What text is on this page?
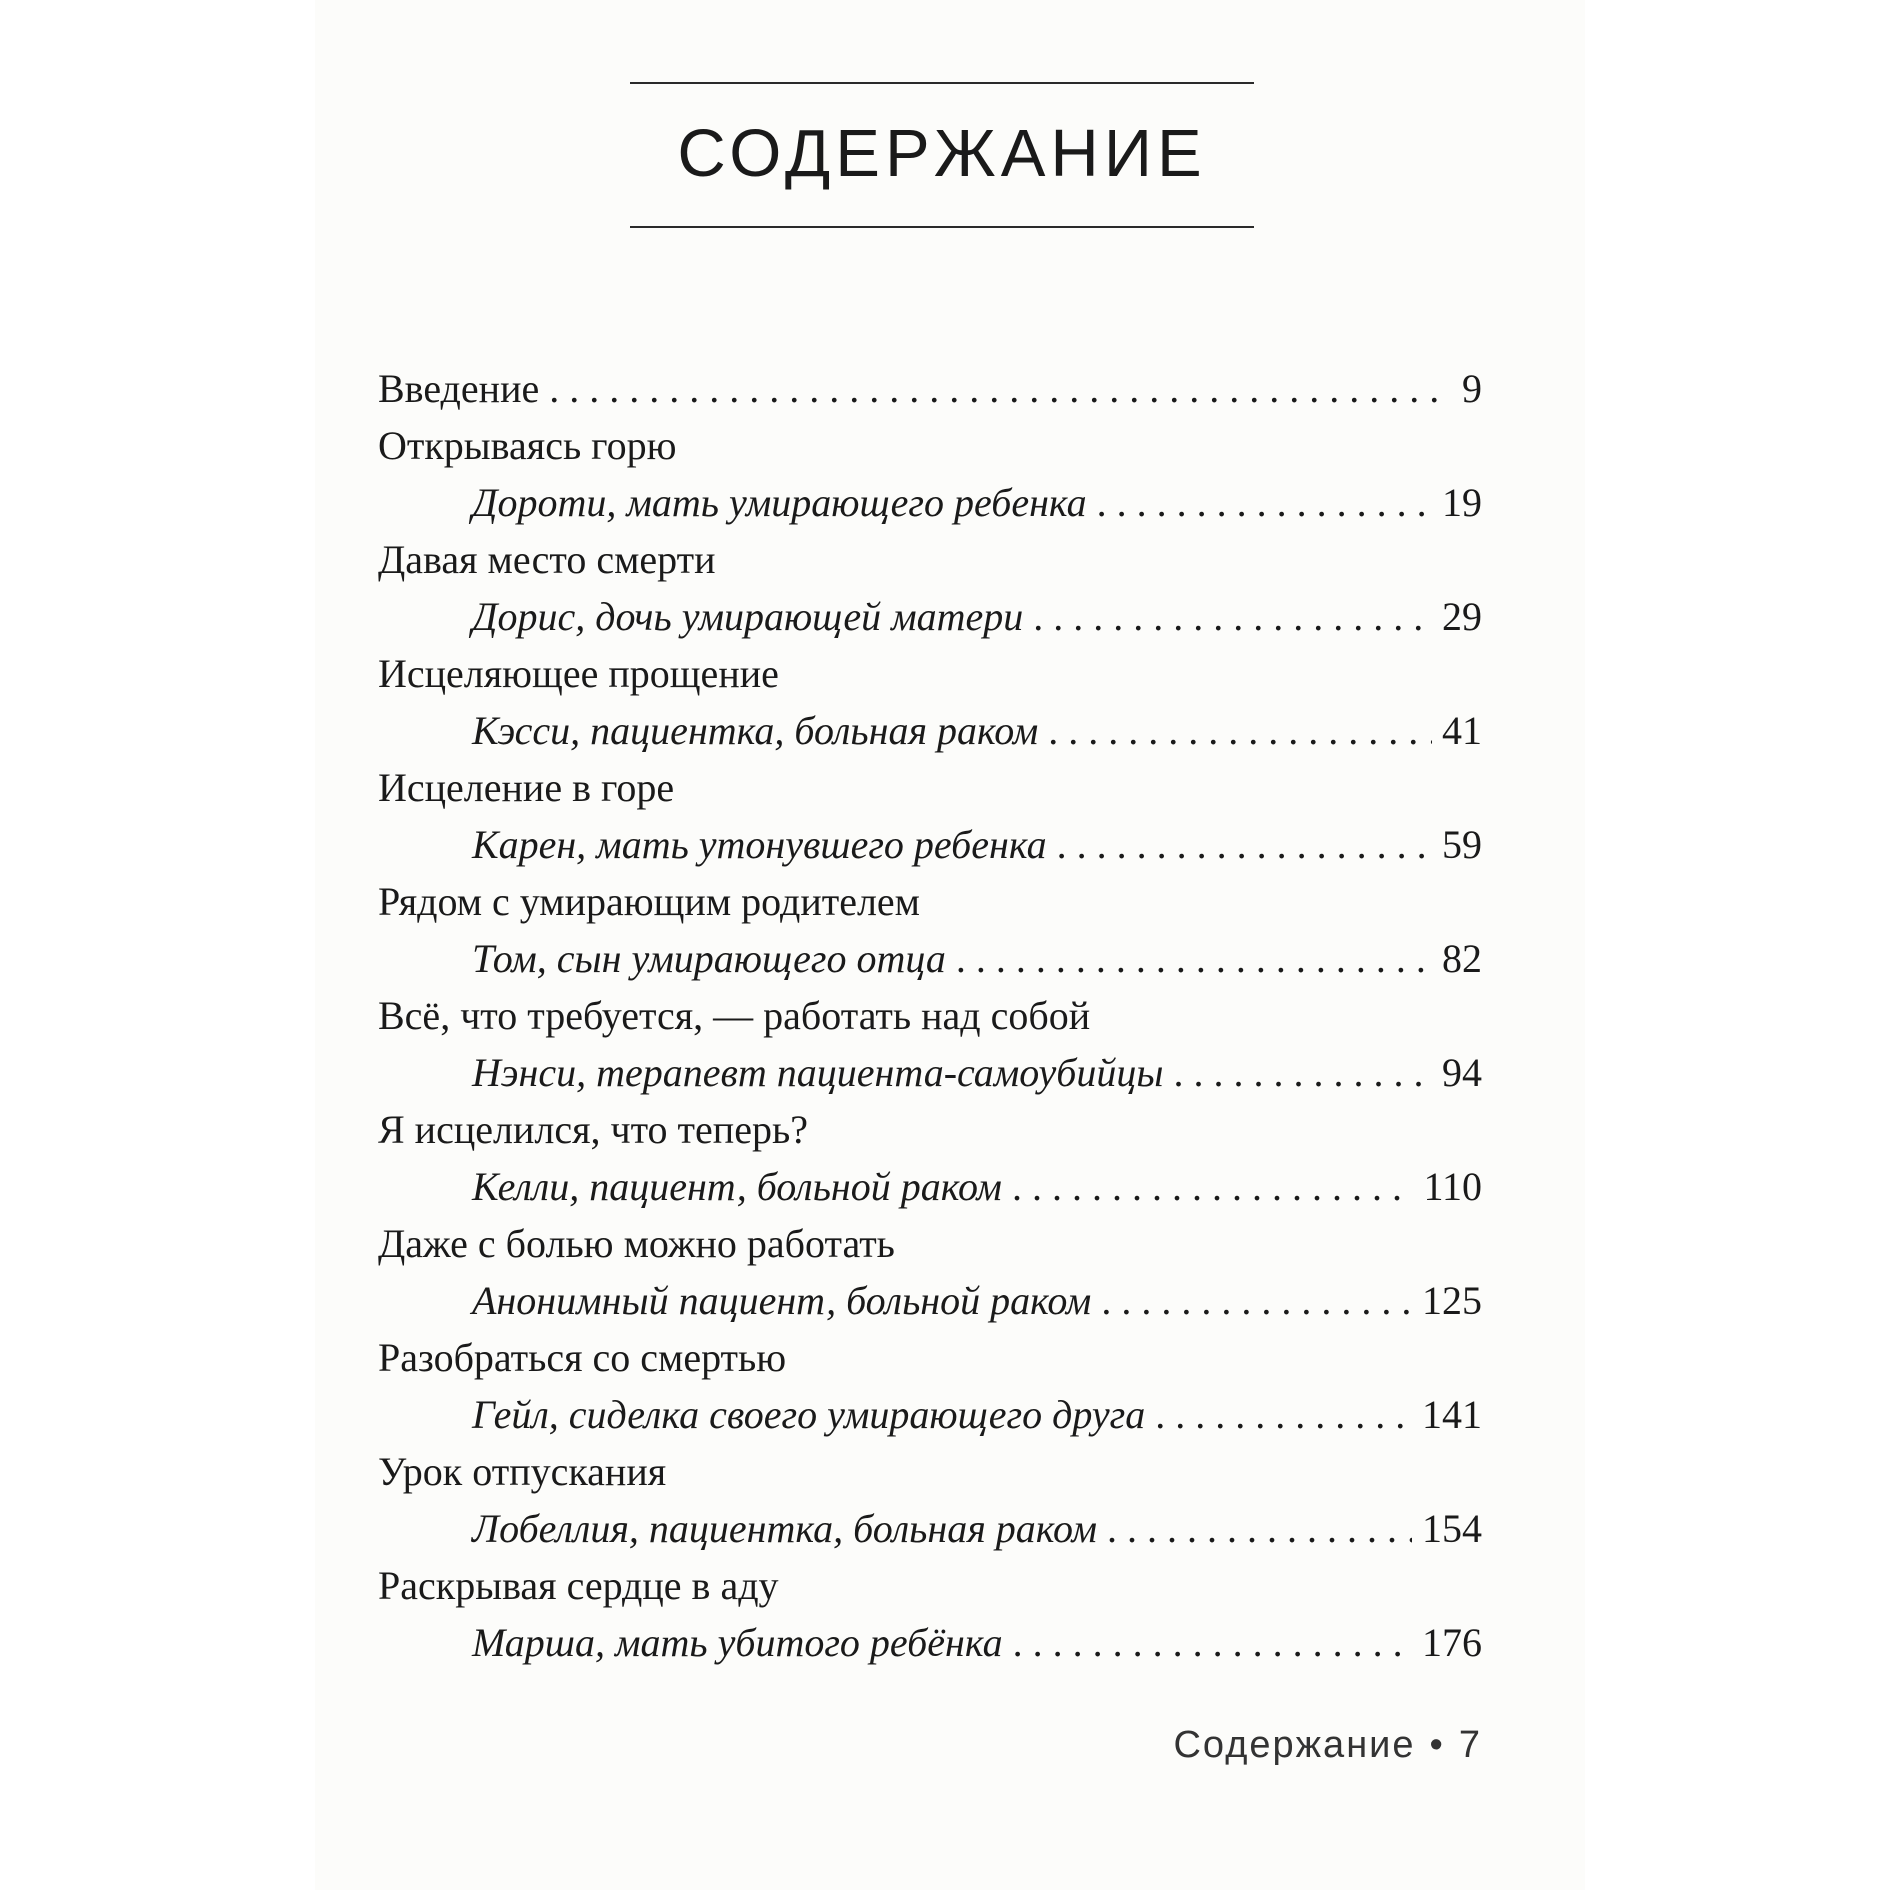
СОДЕРЖАНИЕ
Введение . . .	9
Открываясь горю
Дороти, мать умирающего ребенка . . .	19
Давая место смерти
Дорис, дочь умирающей матери . . .	29
Исцеляющее прощение
Кэсси, пациентка, больная раком . . .	41
Исцеление в горе
Карен, мать утонувшего ребенка . . .	59
Рядом с умирающим родителем
Том, сын умирающего отца . . .	82
Всё, что требуется, — работать над собой
Нэнси, терапевт пациента-самоубийцы . . .	94
Я исцелился, что теперь?
Келли, пациент, больной раком . . .	110
Даже с болью можно работать
Анонимный пациент, больной раком . . .	125
Разобраться со смертью
Гейл, сиделка своего умирающего друга . . .	141
Урок отпускания
Лобеллия, пациентка, больная раком . . .	154
Раскрывая сердце в аду
Марша, мать убитого ребёнка . . .	176
Содержание • 7
